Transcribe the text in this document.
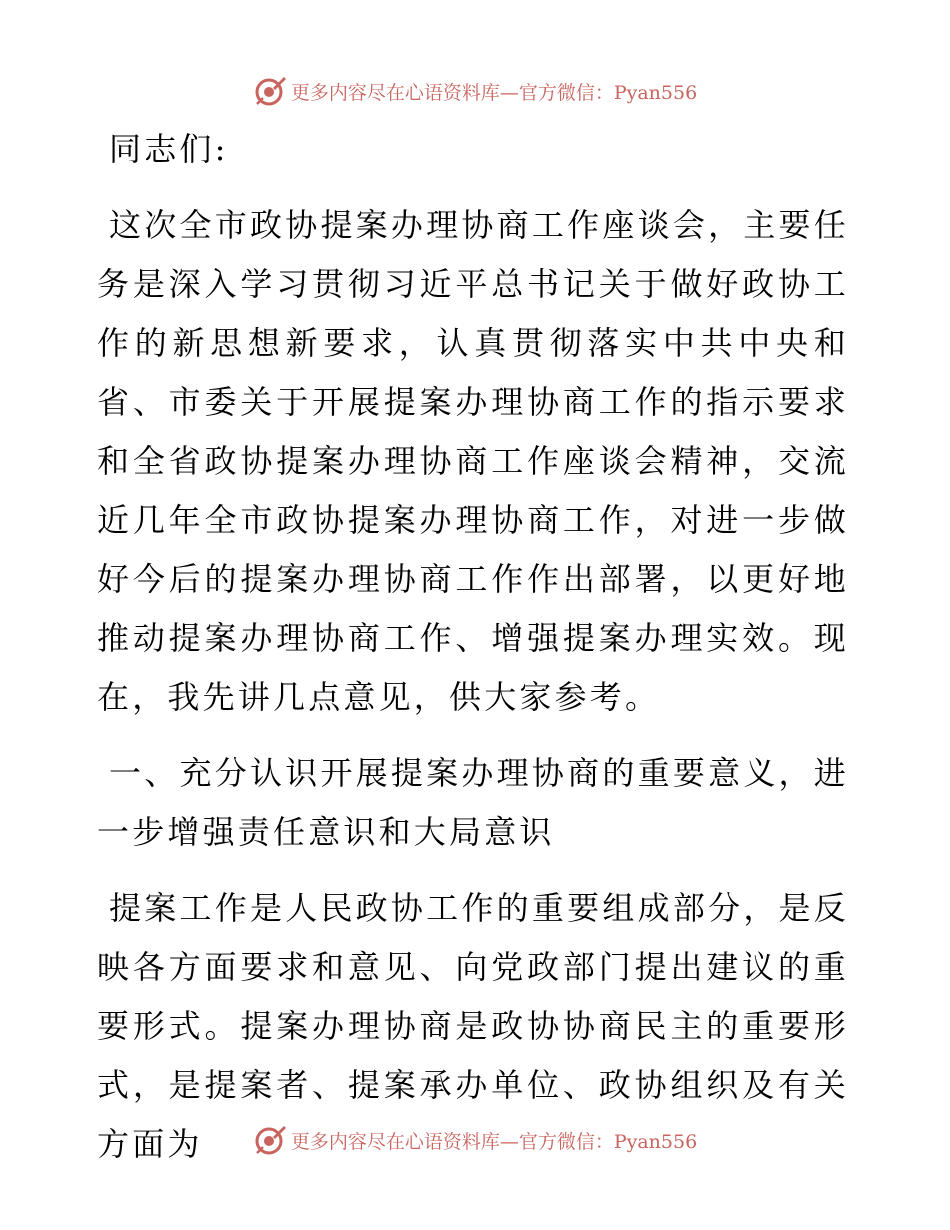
更多内容尽在心语资料库—官方微信：Pyan556

同志们:

这次全市政协提案办理协商工作座谈会，主要任务是深入学习贯彻习近平总书记关于做好政协工作的新思想新要求，认真贯彻落实中共中央和省、市委关于开展提案办理协商工作的指示要求和全省政协提案办理协商工作座谈会精神，交流近几年全市政协提案办理协商工作，对进一步做好今后的提案办理协商工作作出部署，以更好地推动提案办理协商工作、增强提案办理实效。现在，我先讲几点意见，供大家参考。

一、充分认识开展提案办理协商的重要意义，进一步增强责任意识和大局意识

提案工作是人民政协工作的重要组成部分，是反映各方面要求和意见、向党政部门提出建议的重要形式。提案办理协商是政协协商民主的重要形式，是提案者、提案承办单位、政协组织及有关方面为	更多内容尽在心语资料库—官方微信：Pyan556
